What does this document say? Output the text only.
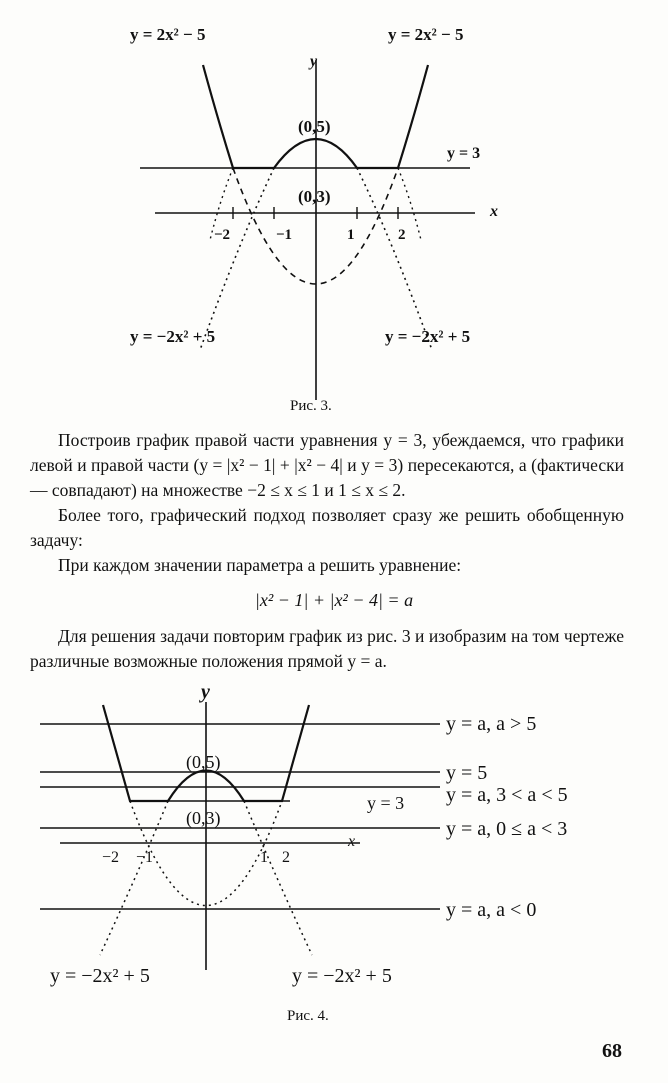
y = 2x² − 5	y = 2x² − 5
y
x
(0,5)
(0,3)
y = 3
−2	−1	1	2
y = −2x² + 5	y = −2x² + 5
Рис. 3.

Построив график правой части уравнения y = 3, убеждаемся, что графики левой и правой части (y = |x² − 1| + |x² − 4| и y = 3) пересекаются, а (фактически — совпадают) на множестве −2 ≤ x ≤ 1 и 1 ≤ x ≤ 2.

Более того, графический подход позволяет сразу же решить обобщенную задачу:

При каждом значении параметра a решить уравнение:

|x² − 1| + |x² − 4| = a

Для решения задачи повторим график из рис. 3 и изобразим на том чертеже различные возможные положения прямой y = a.

y
x
(0,5)
(0,3)
y = 3
−2 −1	1 2
y = a, a > 5
y = 5
y = a, 3 < a < 5
y = a, 0 ≤ a < 3
y = a, a < 0
y = −2x² + 5	y = −2x² + 5
Рис. 4.
68
